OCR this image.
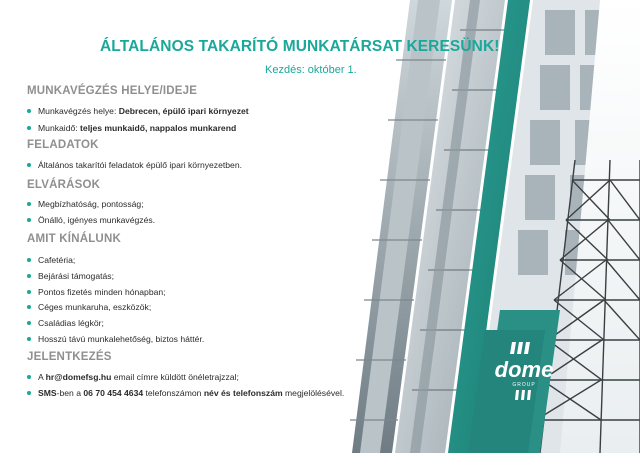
ÁLTALÁNOS TAKARÍTÓ MUNKATÁRSAT KERESÜNK!
Kezdés: október 1.
MUNKAVÉGZÉS HELYE/IDEJE
Munkavégzés helye: Debrecen, épülő ipari környezet
Munkaidő: teljes munkaidő, nappalos munkarend
FELADATOK
Általános takarítói feladatok épülő ipari környezetben.
ELVÁRÁSOK
Megbízhatóság, pontosság;
Önálló, igényes munkavégzés.
AMIT KÍNÁLUNK
Cafetéria;
Bejárási támogatás;
Pontos fizetés minden hónapban;
Céges munkaruha, eszközök;
Családias légkör;
Hosszú távú munkalehetőség, biztos háttér.
JELENTKEZÉS
A hr@domefsg.hu email címre küldött önéletrajzzal;
SMS-ben a 06 70 454 4634 telefonszámon név és telefonszám megjelölésével.
dome
GROUP
